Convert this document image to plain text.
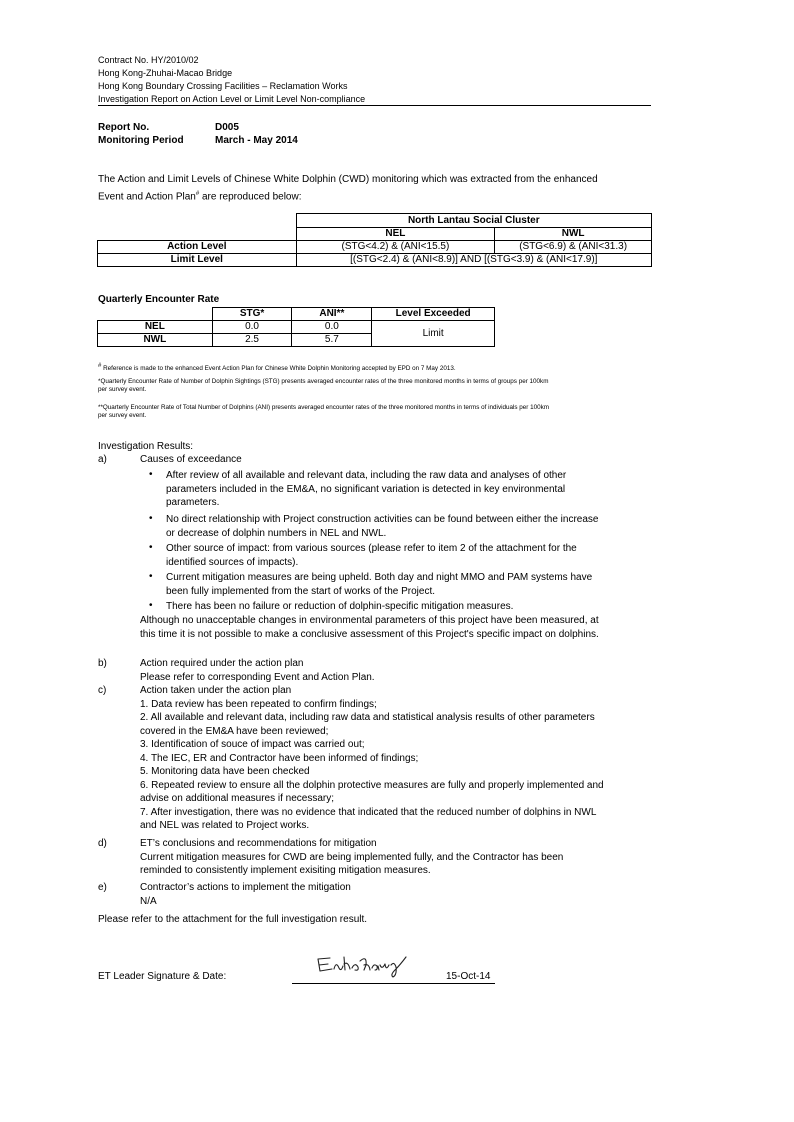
Contract No. HY/2010/02
Hong Kong-Zhuhai-Macao Bridge
Hong Kong Boundary Crossing Facilities – Reclamation Works
Investigation Report on Action Level or Limit Level Non-compliance
Report No.	D005
Monitoring Period	March - May 2014
The Action and Limit Levels of Chinese White Dolphin (CWD) monitoring which was extracted from the enhanced
Event and Action Plan# are reproduced below:
	North Lantau Social Cluster	
	NEL	NWL
Action Level	(STG<4.2) & (ANI<15.5)	(STG<6.9) & (ANI<31.3)
Limit Level	[(STG<2.4) & (ANI<8.9)] AND [(STG<3.9) & (ANI<17.9)]	
Quarterly Encounter Rate
	STG*	ANI**	Level Exceeded
NEL	0.0	0.0	Limit
NWL	2.5	5.7	
# Reference is made to the enhanced Event Action Plan for Chinese White Dolphin Monitoring accepted by EPD on 7 May 2013.
*Quarterly Encounter Rate of Number of Dolphin Sightings (STG) presents averaged encounter rates of the three monitored months in terms of groups per 100km
per survey event.
**Quarterly Encounter Rate of Total Number of Dolphins (ANI) presents averaged encounter rates of the three monitored months in terms of individuals per 100km
per survey event.
Investigation Results:
a)	Causes of exceedance
• After review of all available and relevant data, including the raw data and analyses of other
parameters included in the EM&A, no significant variation is detected in key environmental
parameters.
• No direct relationship with Project construction activities can be found between either the increase
or decrease of dolphin numbers in NEL and NWL.
• Other source of impact: from various sources (please refer to item 2 of the attachment for the
identified sources of impacts).
• Current mitigation measures are being upheld. Both day and night MMO and PAM systems have
been fully implemented from the start of works of the Project.
• There has been no failure or reduction of dolphin-specific mitigation measures.
Although no unacceptable changes in environmental parameters of this project have been measured, at
this time it is not possible to make a conclusive assessment of this Project's specific impact on dolphins.
b)	Action required under the action plan
Please refer to corresponding Event and Action Plan.
c)	Action taken under the action plan
1. Data review has been repeated to confirm findings;
2. All available and relevant data, including raw data and statistical analysis results of other parameters
covered in the EM&A have been reviewed;
3. Identification of souce of impact was carried out;
4. The IEC, ER and Contractor have been informed of findings;
5. Monitoring data have been checked
6. Repeated review to ensure all the dolphin protective measures are fully and properly implemented and
advise on additional measures if necessary;
7. After investigation, there was no evidence that indicated that the reduced number of dolphins in NWL
and NEL was related to Project works.
d)	ET’s conclusions and recommendations for mitigation
Current mitigation measures for CWD are being implemented fully, and the Contractor has been
reminded to consistently implement exisiting mitigation measures.
e)	Contractor’s actions to implement the mitigation
N/A
Please refer to the attachment for the full investigation result.
ET Leader Signature & Date:	15-Oct-14
